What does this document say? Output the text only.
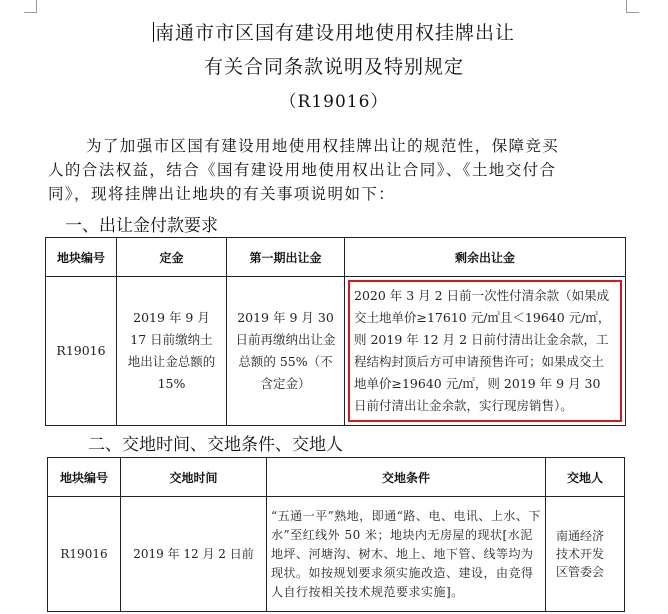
南通市市区国有建设用地使用权挂牌出让
有关合同条款说明及特别规定
（R19016）
为了加强市区国有建设用地使用权挂牌出让的规范性，保障竞买
人的合法权益，结合《国有建设用地使用权出让合同》、《土地交付合
同》，现将挂牌出让地块的有关事项说明如下：
一、出让金付款要求
地块编号	定金	第一期出让金	剩余出让金
R19016	2019 年 9 月 17 日前缴纳土地出让金总额的 15%	2019 年 9 月 30 日前再缴纳出让金总额的 55%（不含定金）	2020 年 3 月 2 日前一次性付清余款（如果成交土地单价≥17610 元/㎡且＜19640 元/㎡，则 2019 年 12 月 2 日前付清出让金余款，工程结构封顶后方可申请预售许可；如果成交土地单价≥19640 元/㎡，则 2019 年 9 月 30 日前付清出让金余款，实行现房销售）。
二、交地时间、交地条件、交地人
地块编号	交地时间	交地条件	交地人
R19016	2019 年 12 月 2 日前	“五通一平”熟地，即通“路、电、电讯、上水、下水”至红线外 50 米；地块内无房屋的现状[水泥地坪、河塘沟、树木、地上、地下管、线等均为现状。如按规划要求须实施改造、建设，由竞得人自行按相关技术规范要求实施]。	南通经济技术开发区管委会
